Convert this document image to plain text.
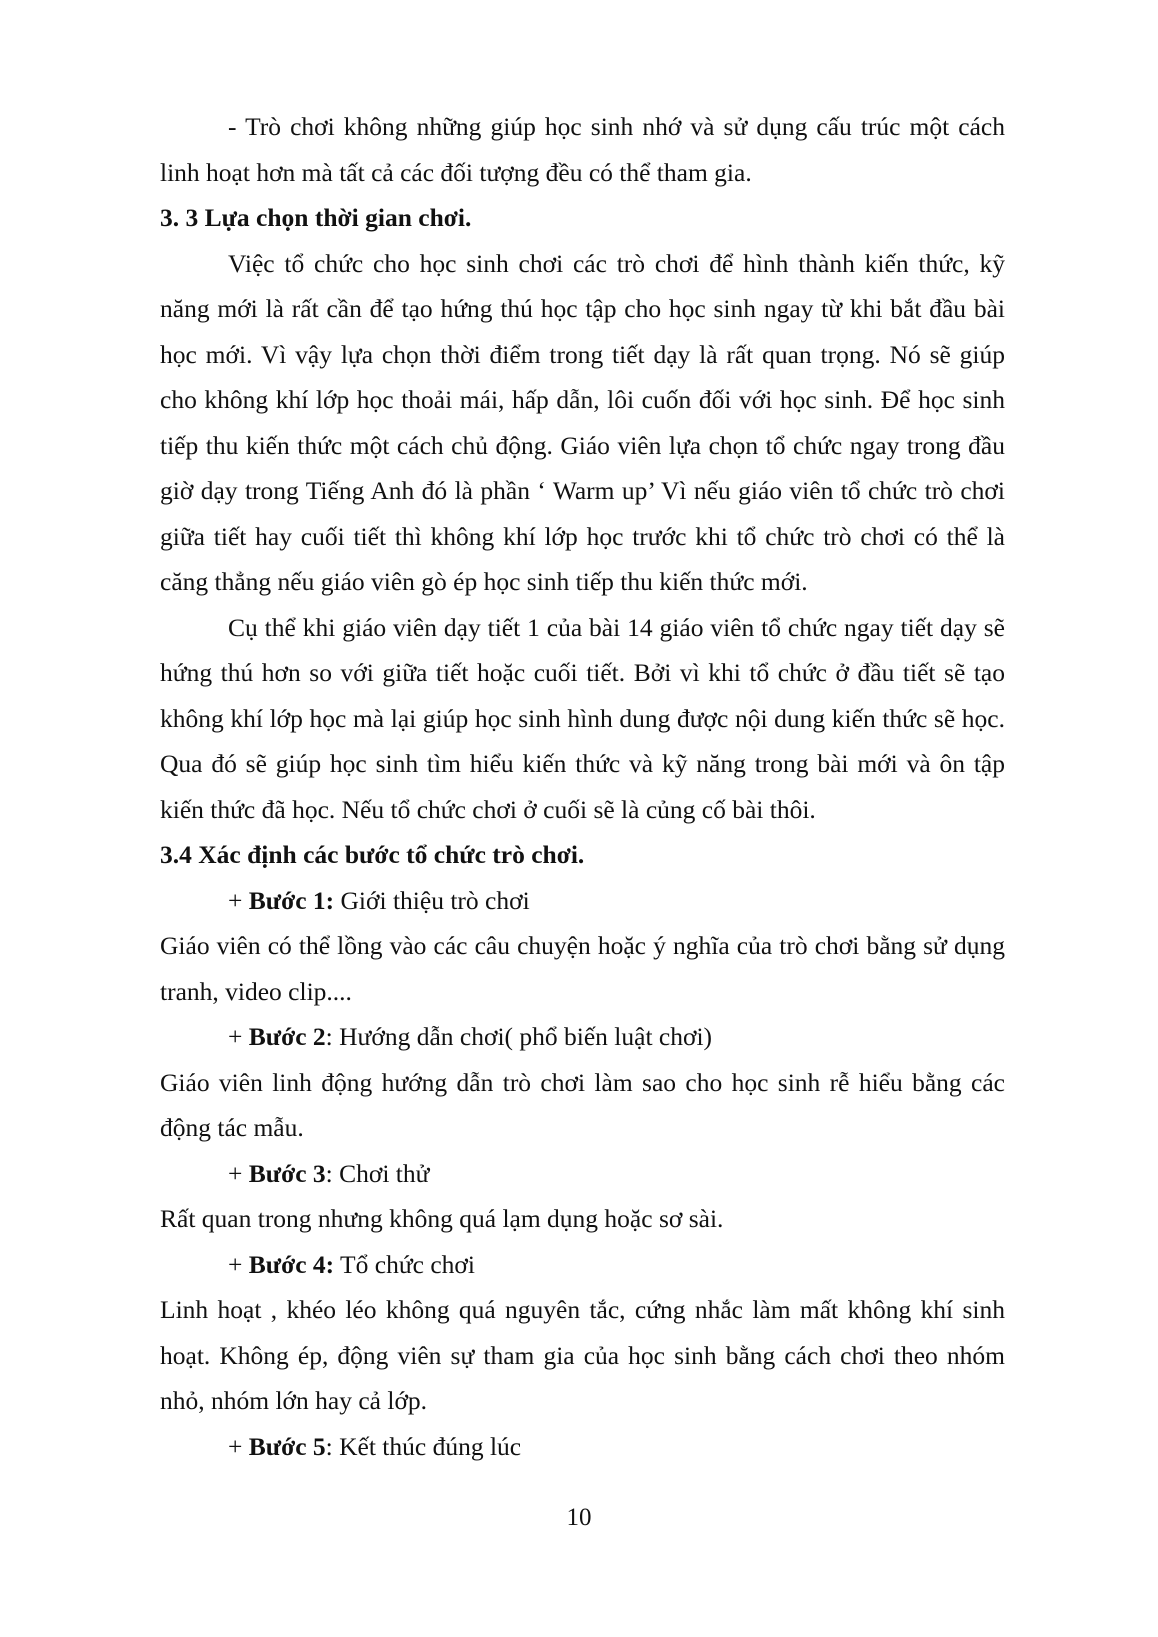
- Trò chơi không những giúp học sinh nhớ và sử dụng cấu trúc một cách linh hoạt hơn mà tất cả các đối tượng đều có thể tham gia.

3. 3 Lựa chọn thời gian chơi.

Việc tổ chức cho học sinh chơi các trò chơi để hình thành kiến thức, kỹ năng mới là rất cần để tạo hứng thú học tập cho học sinh ngay từ khi bắt đầu bài học mới. Vì vậy lựa chọn thời điểm trong tiết dạy là rất quan trọng. Nó sẽ giúp cho không khí lớp học thoải mái, hấp dẫn, lôi cuốn đối với học sinh. Để học sinh tiếp thu kiến thức một cách chủ động. Giáo viên lựa chọn tổ chức ngay trong đầu giờ dạy trong Tiếng Anh đó là phần ‘ Warm up’ Vì nếu giáo viên tổ chức trò chơi giữa tiết hay cuối tiết thì không khí lớp học trước khi tổ chức trò chơi có thể là căng thẳng nếu giáo viên gò ép học sinh tiếp thu kiến thức mới.

Cụ thể khi giáo viên dạy tiết 1 của bài 14 giáo viên tổ chức ngay tiết dạy sẽ hứng thú hơn so với giữa tiết hoặc cuối tiết. Bởi vì khi tổ chức ở đầu tiết sẽ tạo không khí lớp học mà lại giúp học sinh hình dung được nội dung kiến thức sẽ học. Qua đó sẽ giúp học sinh tìm hiểu kiến thức và kỹ năng trong bài mới và ôn tập kiến thức đã học. Nếu tổ chức chơi ở cuối sẽ là củng cố bài thôi.

3.4 Xác định các bước tổ chức trò chơi.

+ Bước 1: Giới thiệu trò chơi

Giáo viên có thể lồng vào các câu chuyện hoặc ý nghĩa của trò chơi bằng sử dụng tranh, video clip....

+ Bước 2: Hướng dẫn chơi( phổ biến luật chơi)

Giáo viên linh động hướng dẫn trò chơi làm sao cho học sinh rễ hiểu bằng các động tác mẫu.

+ Bước 3: Chơi thử

Rất quan trong nhưng không quá lạm dụng hoặc sơ sài.

+ Bước 4: Tổ chức chơi

Linh hoạt , khéo léo không quá nguyên tắc, cứng nhắc làm mất không khí sinh hoạt. Không ép, động viên sự tham gia của học sinh bằng cách chơi theo nhóm nhỏ, nhóm lớn hay cả lớp.

+ Bước 5: Kết thúc đúng lúc

10
